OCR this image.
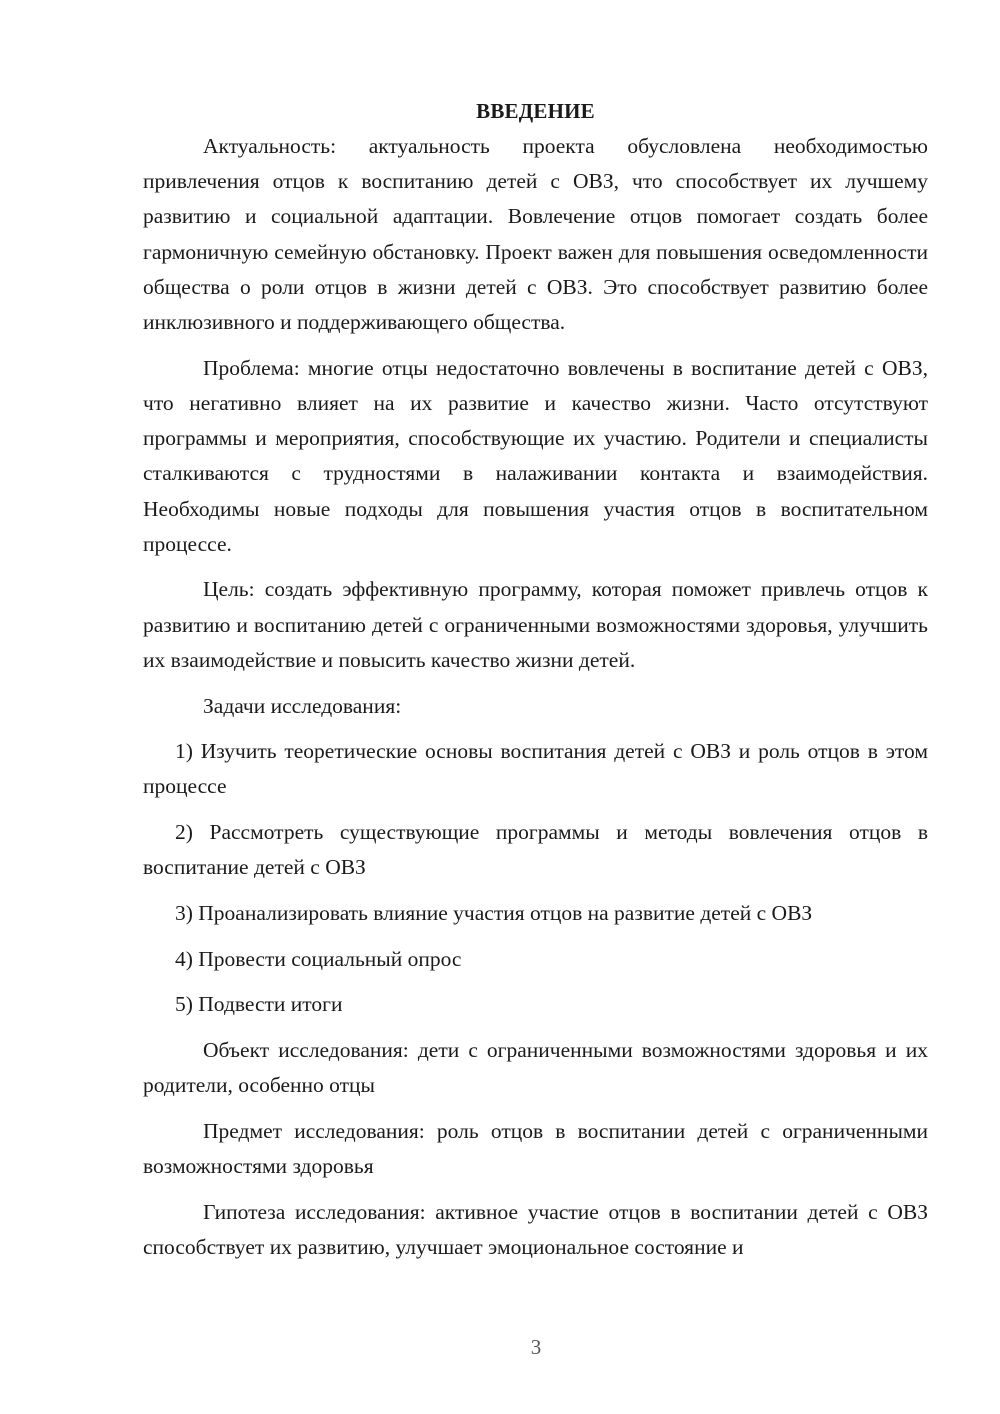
ВВЕДЕНИЕ

Актуальность: актуальность проекта обусловлена необходимостью привлечения отцов к воспитанию детей с ОВЗ, что способствует их лучшему развитию и социальной адаптации. Вовлечение отцов помогает создать более гармоничную семейную обстановку. Проект важен для повышения осведомленности общества о роли отцов в жизни детей с ОВЗ. Это способствует развитию более инклюзивного и поддерживающего общества.

Проблема: многие отцы недостаточно вовлечены в воспитание детей с ОВЗ, что негативно влияет на их развитие и качество жизни. Часто отсутствуют программы и мероприятия, способствующие их участию. Родители и специалисты сталкиваются с трудностями в налаживании контакта и взаимодействия. Необходимы новые подходы для повышения участия отцов в воспитательном процессе.

Цель: создать эффективную программу, которая поможет привлечь отцов к развитию и воспитанию детей с ограниченными возможностями здоровья, улучшить их взаимодействие и повысить качество жизни детей.

Задачи исследования:

1) Изучить теоретические основы воспитания детей с ОВЗ и роль отцов в этом процессе

2) Рассмотреть существующие программы и методы вовлечения отцов в воспитание детей с ОВЗ

3) Проанализировать влияние участия отцов на развитие детей с ОВЗ

4) Провести социальный опрос

5) Подвести итоги

Объект исследования: дети с ограниченными возможностями здоровья и их родители, особенно отцы

Предмет исследования: роль отцов в воспитании детей с ограниченными возможностями здоровья

Гипотеза исследования: активное участие отцов в воспитании детей с ОВЗ способствует их развитию, улучшает эмоциональное состояние и

3
